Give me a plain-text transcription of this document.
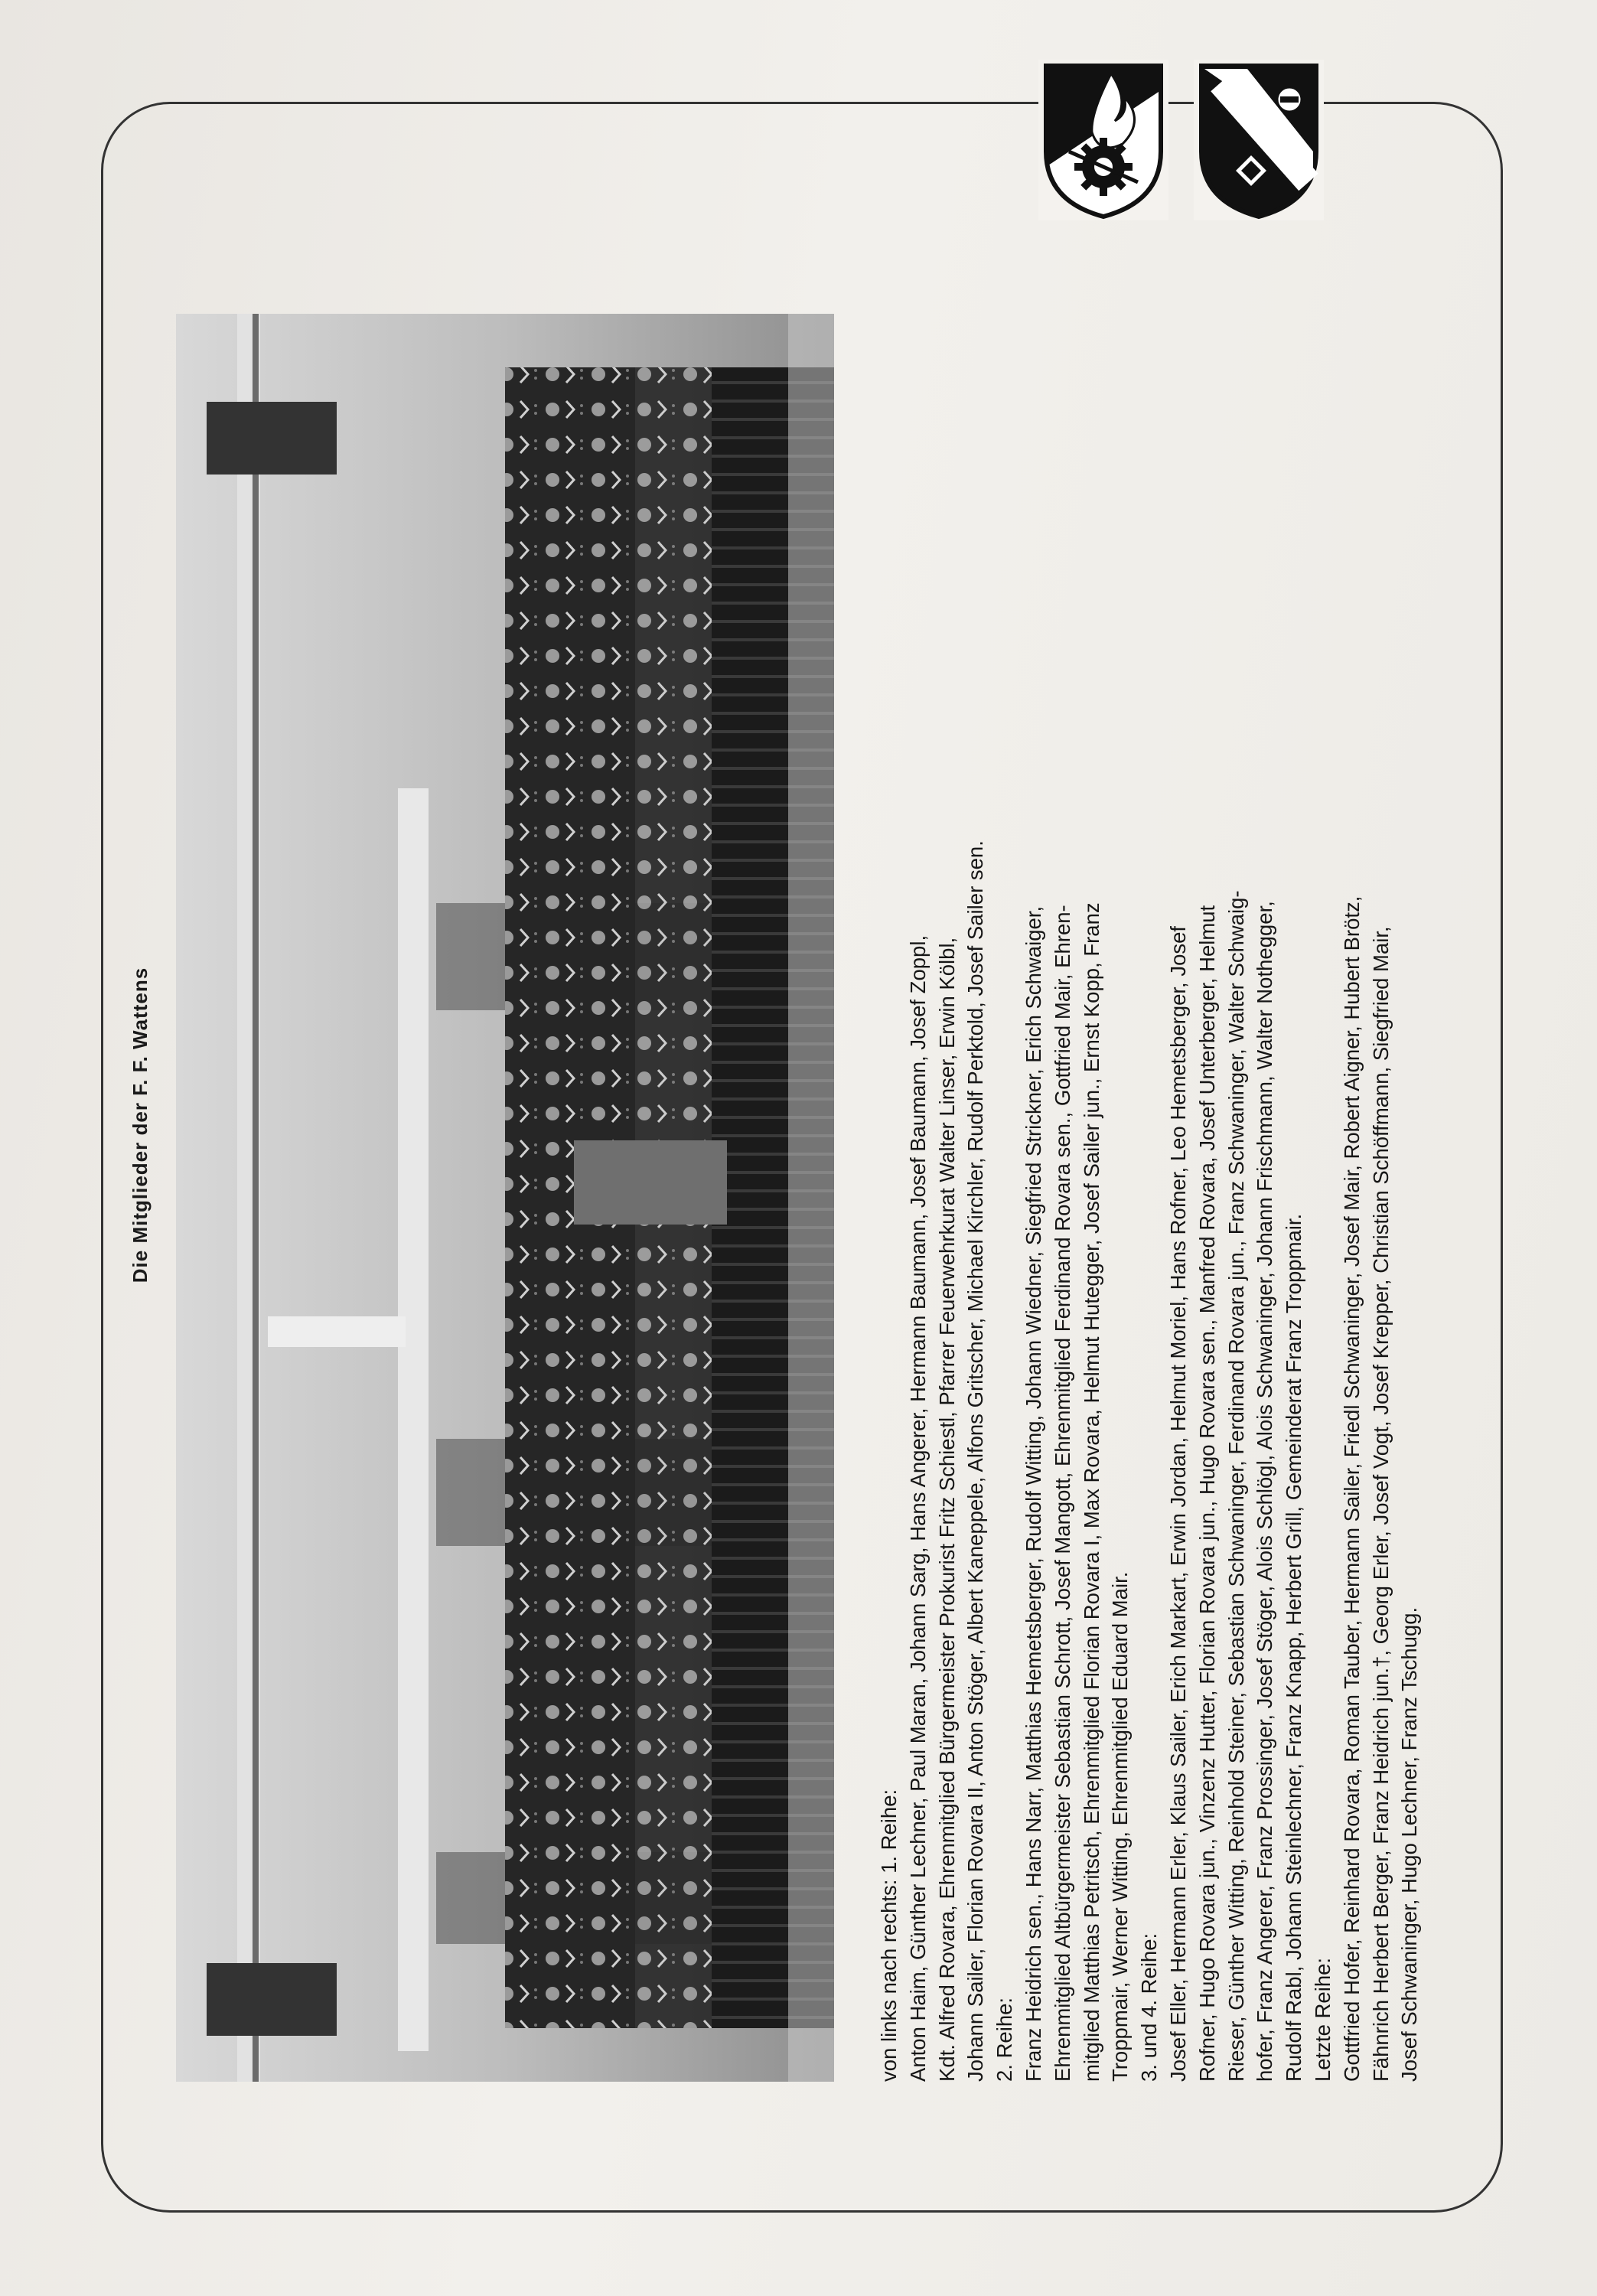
Die Mitglieder der F. F. Wattens
von links nach rechts: 1. Reihe: Anton Haim, Günther Lechner, Paul Maran, Johann Sarg, Hans Angerer, Hermann Baumann, Josef Baumann, Josef Zoppl, Kdt. Alfred Rovara, Ehrenmitglied Bürgermeister Prokurist Fritz Schiestl, Pfarrer Feuerwehrkurat Walter Linser, Erwin Kölbl, Johann Sailer, Florian Rovara II, Anton Stöger, Albert Kaneppele, Alfons Gritscher, Michael Kirchler, Rudolf Perktold, Josef Sailer sen. 2. Reihe: Franz Heidrich sen., Hans Narr, Matthias Hemetsberger, Rudolf Witting, Johann Wiedner, Siegfried Strickner, Erich Schwaiger, Ehrenmitglied Altbürgermeister Sebastian Schrott, Josef Mangott, Ehrenmitglied Ferdinand Rovara sen., Gottfried Mair, Ehren- mitglied Matthias Petritsch, Ehrenmitglied Florian Rovara I, Max Rovara, Helmut Hutegger, Josef Sailer jun., Ernst Kopp, Franz Troppmair, Werner Witting, Ehrenmitglied Eduard Mair. 3. und 4. Reihe: Josef Eller, Hermann Erler, Klaus Sailer, Erich Markart, Erwin Jordan, Helmut Moriel, Hans Rofner, Leo Hemetsberger, Josef Rofner, Hugo Rovara jun., Vinzenz Hutter, Florian Rovara jun., Hugo Rovara sen., Manfred Rovara, Josef Unterberger, Helmut Rieser, Günther Witting, Reinhold Steiner, Sebastian Schwaninger, Ferdinand Rovara jun., Franz Schwaninger, Walter Schwaig- hofer, Franz Angerer, Franz Prossinger, Josef Stöger, Alois Schlögl, Alois Schwaninger, Johann Frischmann, Walter Nothegger, Rudolf Rabl, Johann Steinlechner, Franz Knapp, Herbert Grill, Gemeinderat Franz Troppmair. Letzte Reihe: Gottfried Hofer, Reinhard Rovara, Roman Tauber, Hermann Sailer, Friedl Schwaninger, Josef Mair, Robert Aigner, Hubert Brötz, Fähnrich Herbert Berger, Franz Heidrich jun.†, Georg Erler, Josef Vogt, Josef Krepper, Christian Schöffmann, Siegfried Mair, Josef Schwaninger, Hugo Lechner, Franz Tschugg.
